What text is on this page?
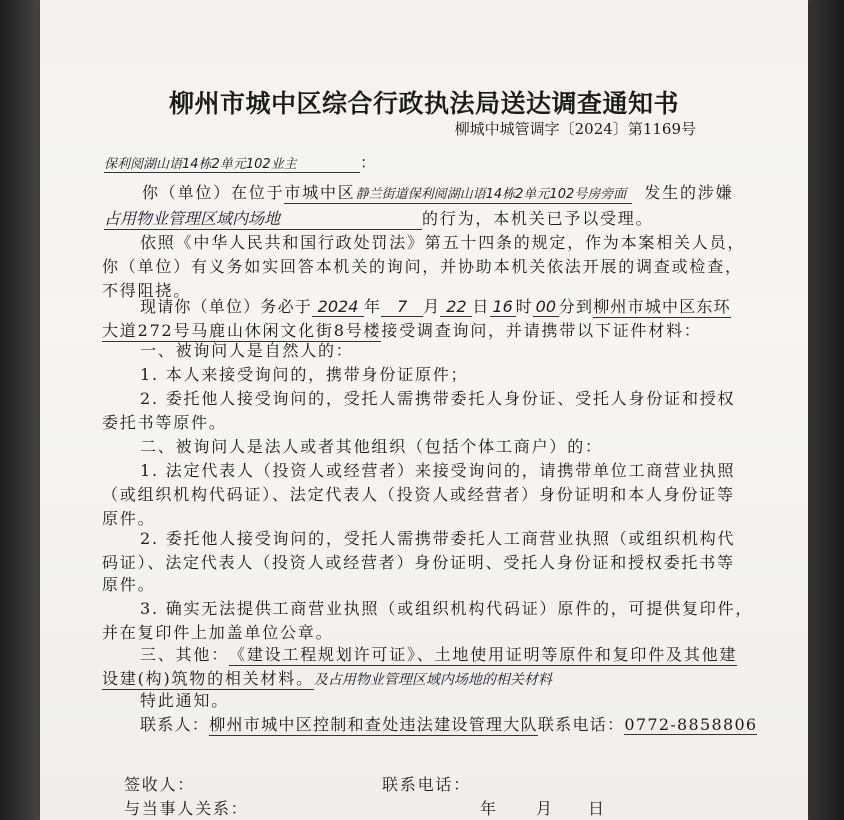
柳州市城中区综合行政执法局送达调查通知书
柳城中城管调字〔2024〕第1169号
保利阅湖山语14栋2单元102业主	：
你（单位）在位于市城中区静兰街道保利阅湖山语14栋2单元102号房旁面 发生的涉嫌
占用物业管理区域内场地	的行为，本机关已予以受理。
依照《中华人民共和国行政处罚法》第五十四条的规定，作为本案相关人员，
你（单位）有义务如实回答本机关的询问，并协助本机关依法开展的调查或检查，
不得阻挠。
现请你（单位）务必于 2024 年 7 月 22 日 16 时 00 分到柳州市城中区东环
大道272号马鹿山休闲文化街8号楼接受调查询问，并请携带以下证件材料：
一、被询问人是自然人的：
1. 本人来接受询问的，携带身份证原件；
2. 委托他人接受询问的，受托人需携带委托人身份证、受托人身份证和授权
委托书等原件。
二、被询问人是法人或者其他组织（包括个体工商户）的：
1. 法定代表人（投资人或经营者）来接受询问的，请携带单位工商营业执照
（或组织机构代码证）、法定代表人（投资人或经营者）身份证明和本人身份证等
原件。
2. 委托他人接受询问的，受托人需携带委托人工商营业执照（或组织机构代
码证）、法定代表人（投资人或经营者）身份证明、受托人身份证和授权委托书等
原件。
3. 确实无法提供工商营业执照（或组织机构代码证）原件的，可提供复印件，
并在复印件上加盖单位公章。
三、其他：《建设工程规划许可证》、土地使用证明等原件和复印件及其他建
设建(构)筑物的相关材料。及占用物业管理区域内场地的相关材料
特此通知。
联系人：柳州市城中区控制和查处违法建设管理大队联系电话：0772-8858806
签收人：	联系电话：
与当事人关系：	年 月 日
